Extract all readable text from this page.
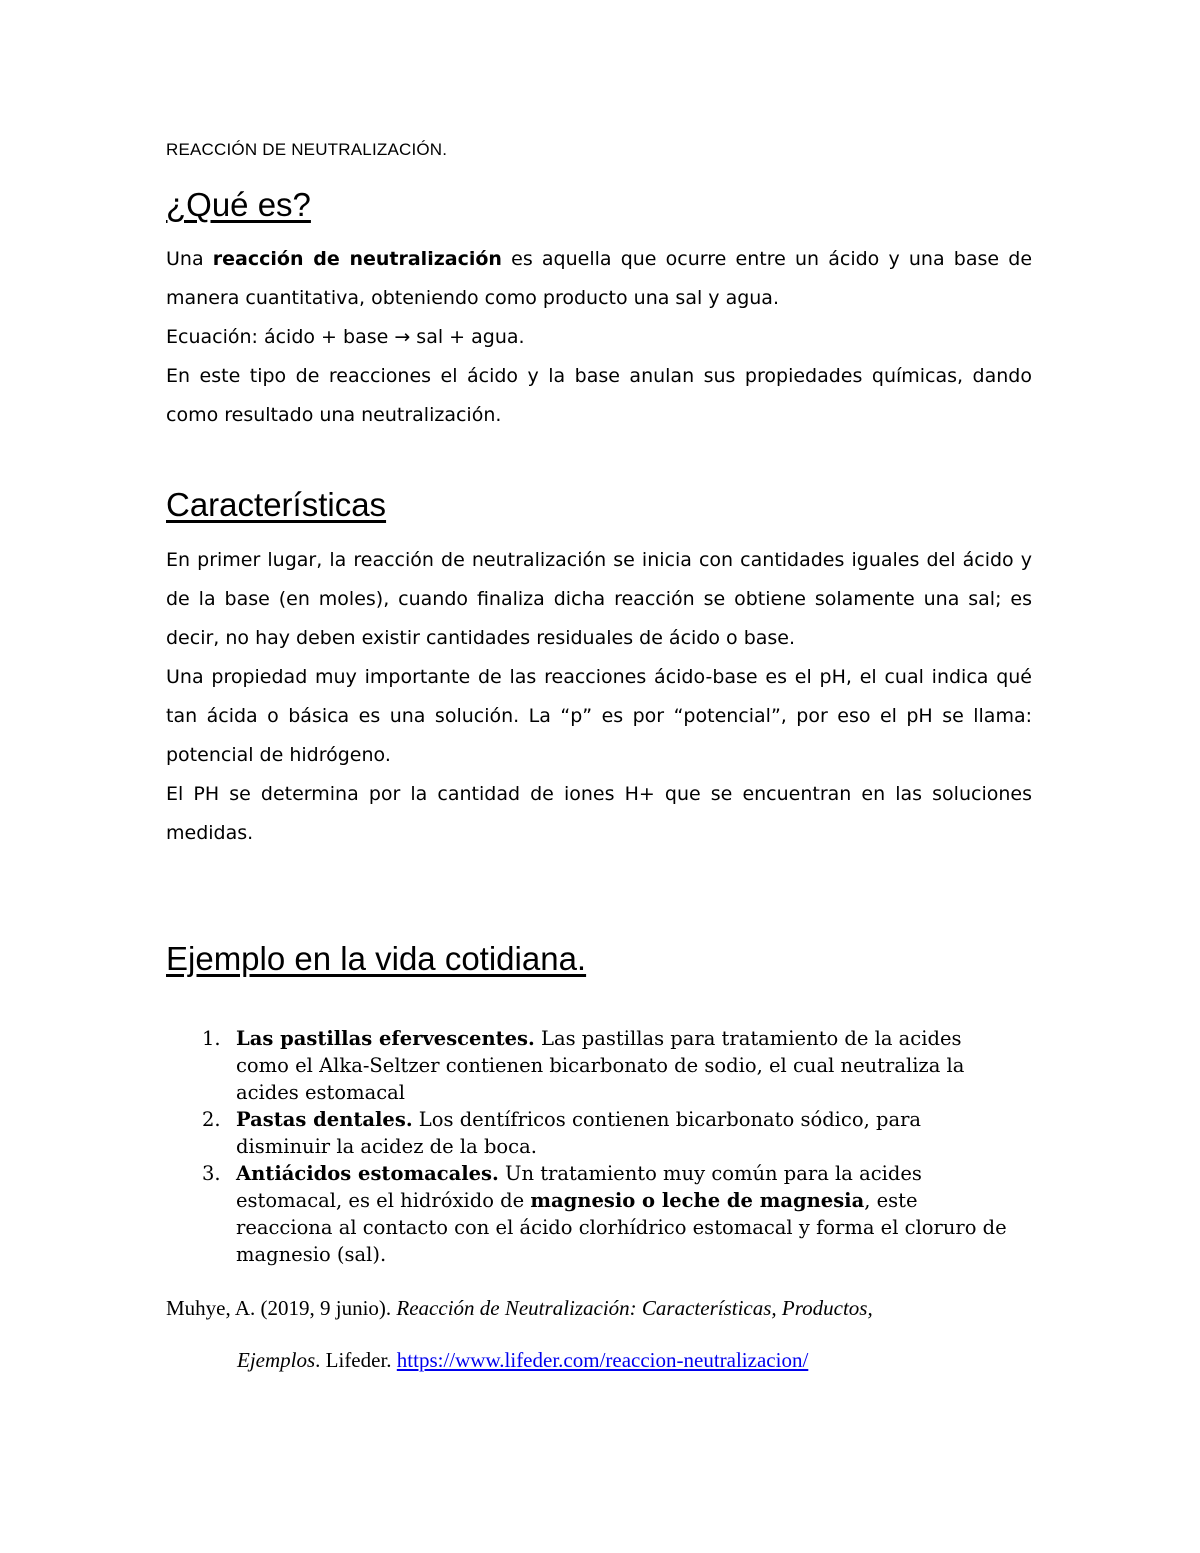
REACCIÓN DE NEUTRALIZACIÓN.
¿Qué es?

Una reacción de neutralización es aquella que ocurre entre un ácido y una base de manera cuantitativa, obteniendo como producto una sal y agua.

Ecuación: ácido + base → sal + agua.

En este tipo de reacciones el ácido y la base anulan sus propiedades químicas, dando como resultado una neutralización.

Características

En primer lugar, la reacción de neutralización se inicia con cantidades iguales del ácido y de la base (en moles), cuando finaliza dicha reacción se obtiene solamente una sal; es decir, no hay deben existir cantidades residuales de ácido o base.

Una propiedad muy importante de las reacciones ácido-base es el pH, el cual indica qué tan ácida o básica es una solución. La “p” es por “potencial”, por eso el pH se llama: potencial de hidrógeno.

El PH se determina por la cantidad de iones H+ que se encuentran en las soluciones medidas.

Ejemplo en la vida cotidiana.
1. Las pastillas efervescentes. Las pastillas para tratamiento de la acides como el Alka-Seltzer contienen bicarbonato de sodio, el cual neutraliza la acides estomacal
2. Pastas dentales. Los dentífricos contienen bicarbonato sódico, para disminuir la acidez de la boca.
3. Antiácidos estomacales. Un tratamiento muy común para la acides estomacal, es el hidróxido de magnesio o leche de magnesia, este reacciona al contacto con el ácido clorhídrico estomacal y forma el cloruro de magnesio (sal).
Muhye, A. (2019, 9 junio). Reacción de Neutralización: Características, Productos,
Ejemplos. Lifeder. https://www.lifeder.com/reaccion-neutralizacion/
